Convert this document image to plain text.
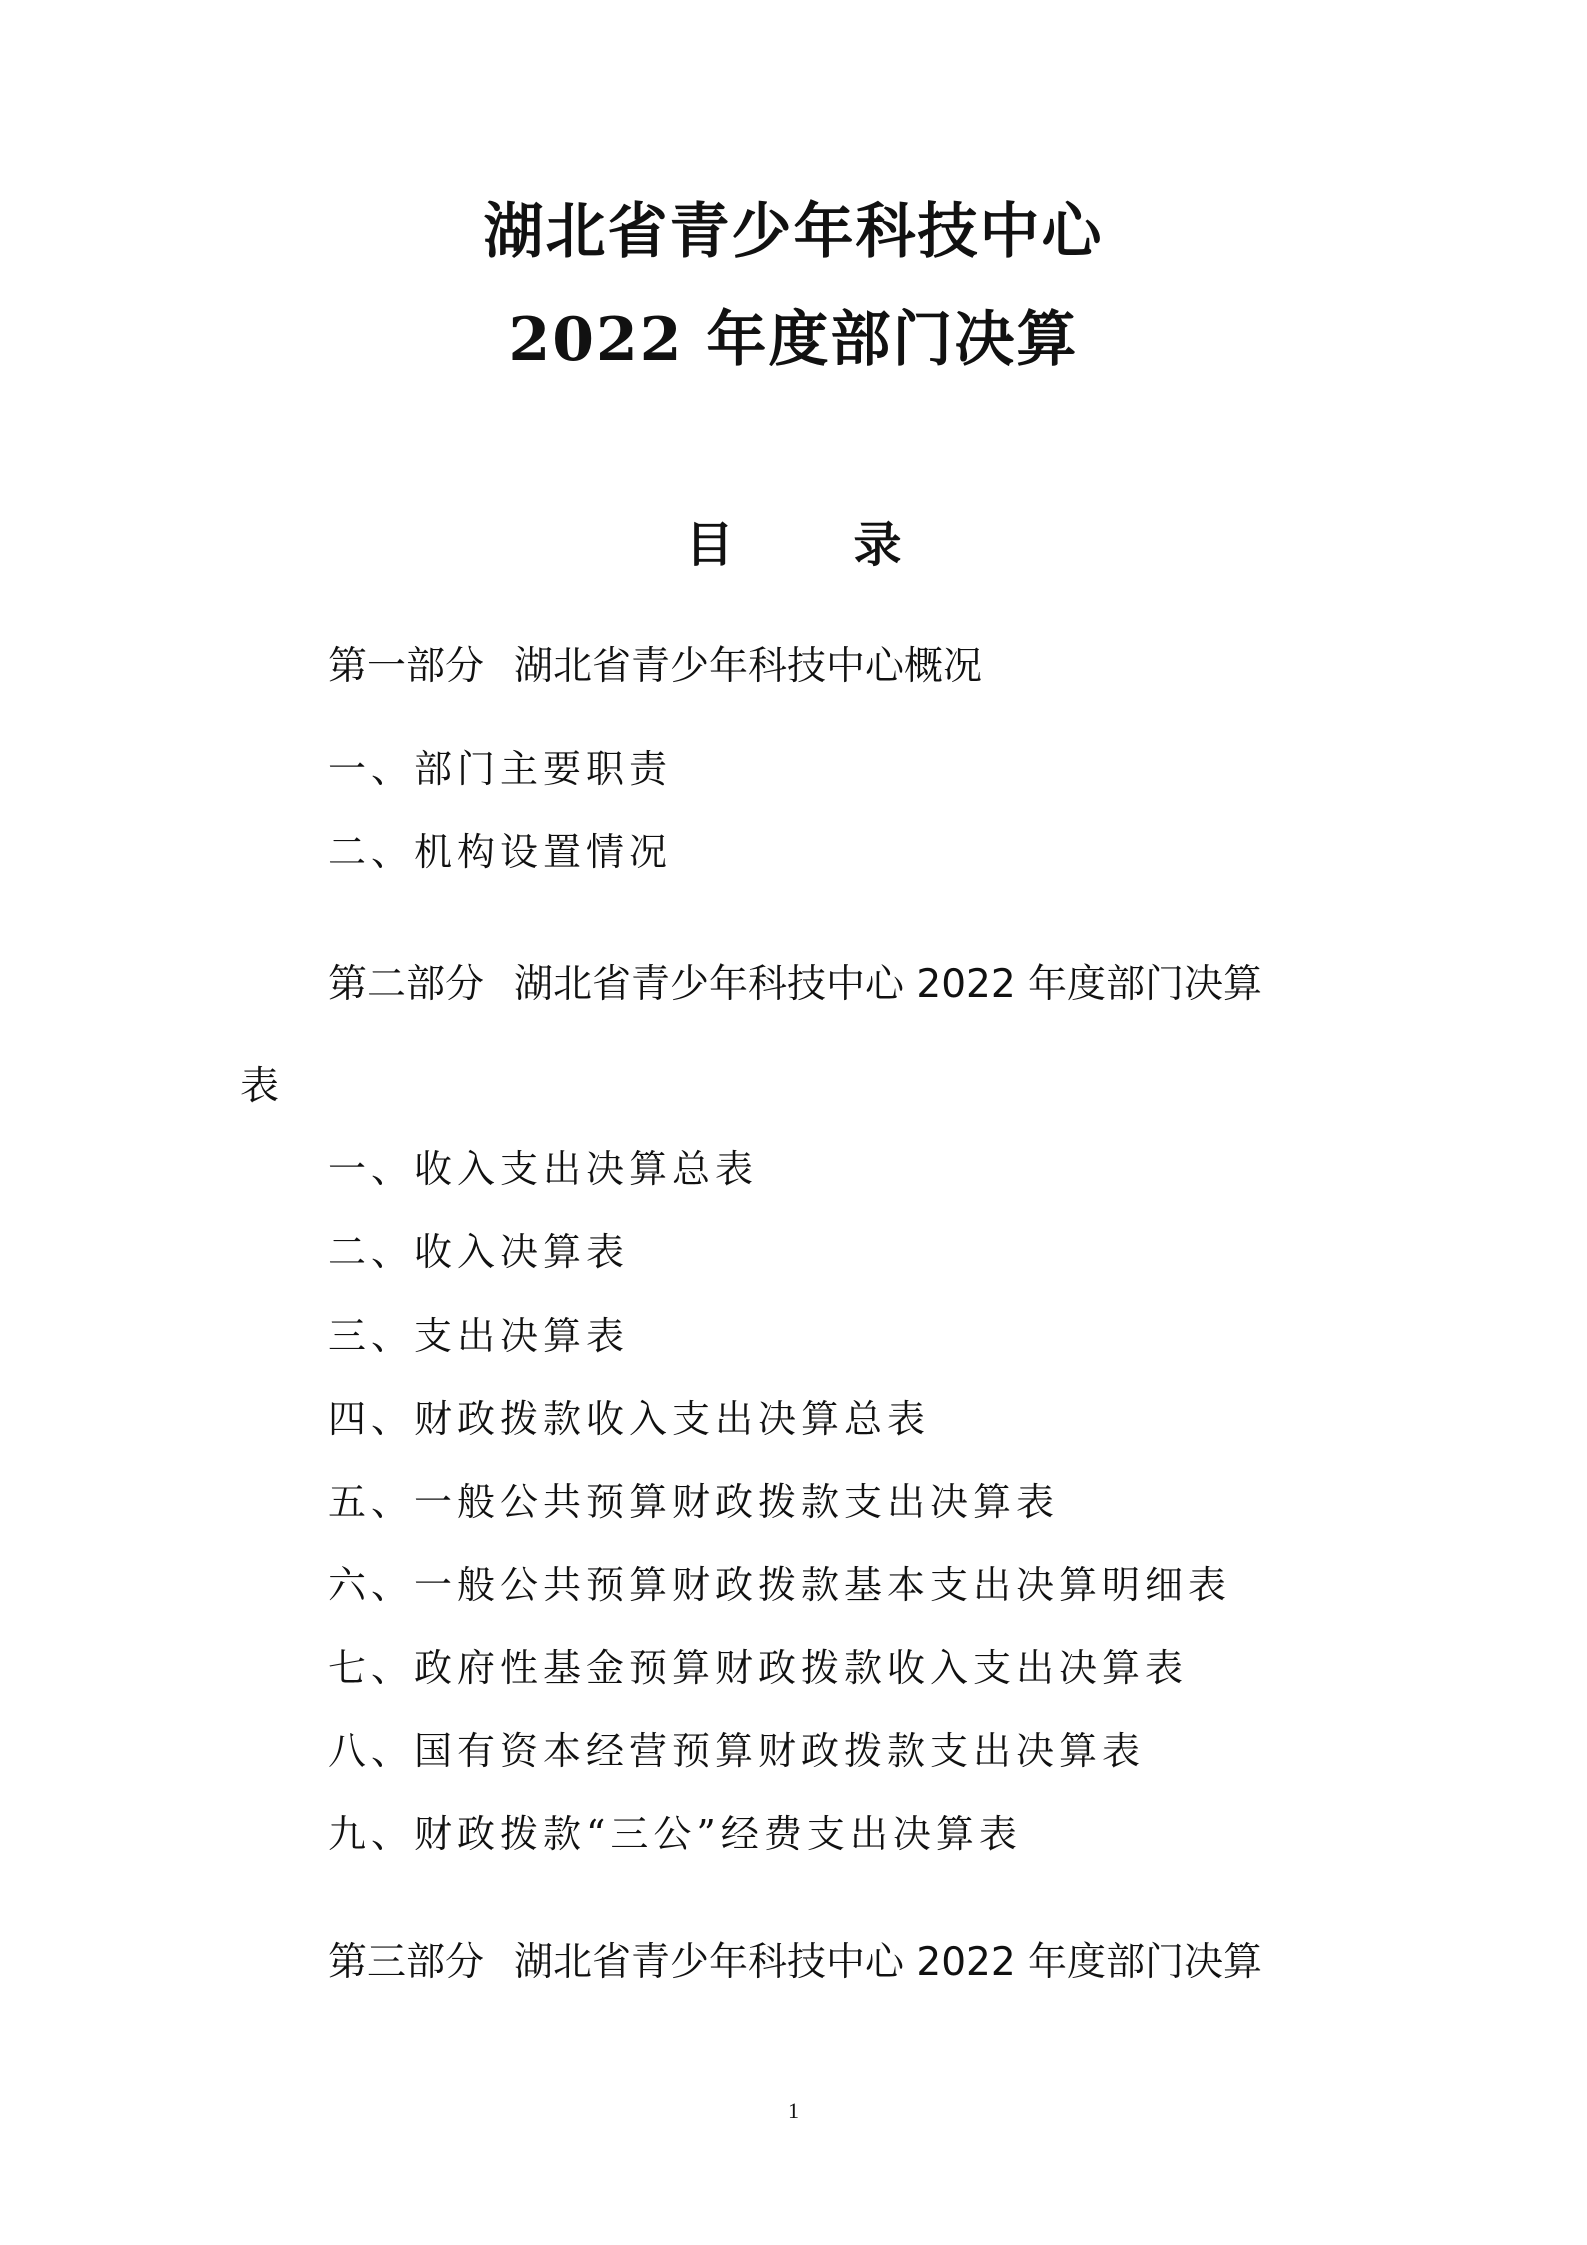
湖北省青少年科技中心
2022 年度部门决算
目	录
第一部分 湖北省青少年科技中心概况
一、部门主要职责
二、机构设置情况
第二部分 湖北省青少年科技中心 2022 年度部门决算
表
一、收入支出决算总表
二、收入决算表
三、支出决算表
四、财政拨款收入支出决算总表
五、一般公共预算财政拨款支出决算表
六、一般公共预算财政拨款基本支出决算明细表
七、政府性基金预算财政拨款收入支出决算表
八、国有资本经营预算财政拨款支出决算表
九、财政拨款“三公”经费支出决算表
第三部分 湖北省青少年科技中心 2022 年度部门决算
1
